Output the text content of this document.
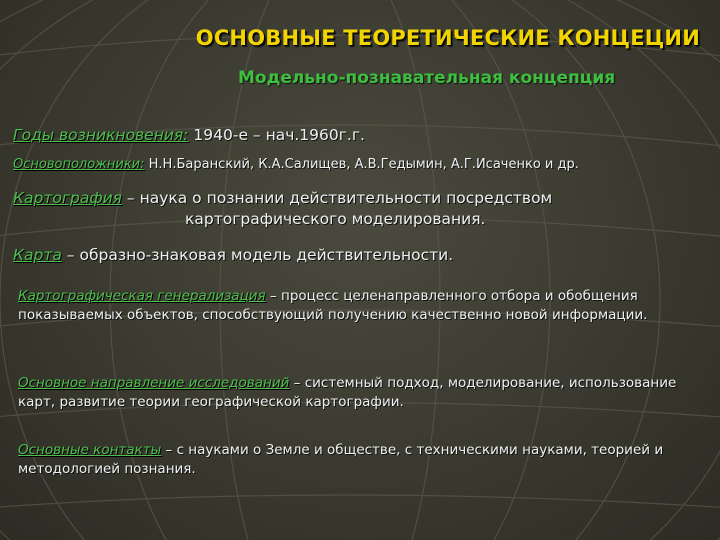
ОСНОВНЫЕ ТЕОРЕТИЧЕСКИЕ КОНЦЕЦИИ
Модельно-познавательная концепция
Годы возникновения: 1940-е – нач.1960г.г.
Основоположники: Н.Н.Баранский, К.А.Салищев, А.В.Гедымин, А.Г.Исаченко и др.
Картография – наука о познании действительности посредством
картографического моделирования.
Карта – образно-знаковая модель действительности.
Картографическая генерализация – процесс целенаправленного отбора и обобщения показываемых объектов, способствующий получению качественно новой информации.
Основное направление исследований – системный подход, моделирование, использование карт, развитие теории географической картографии.
Основные контакты – с науками о Земле и обществе, с техническими науками, теорией и методологией познания.
